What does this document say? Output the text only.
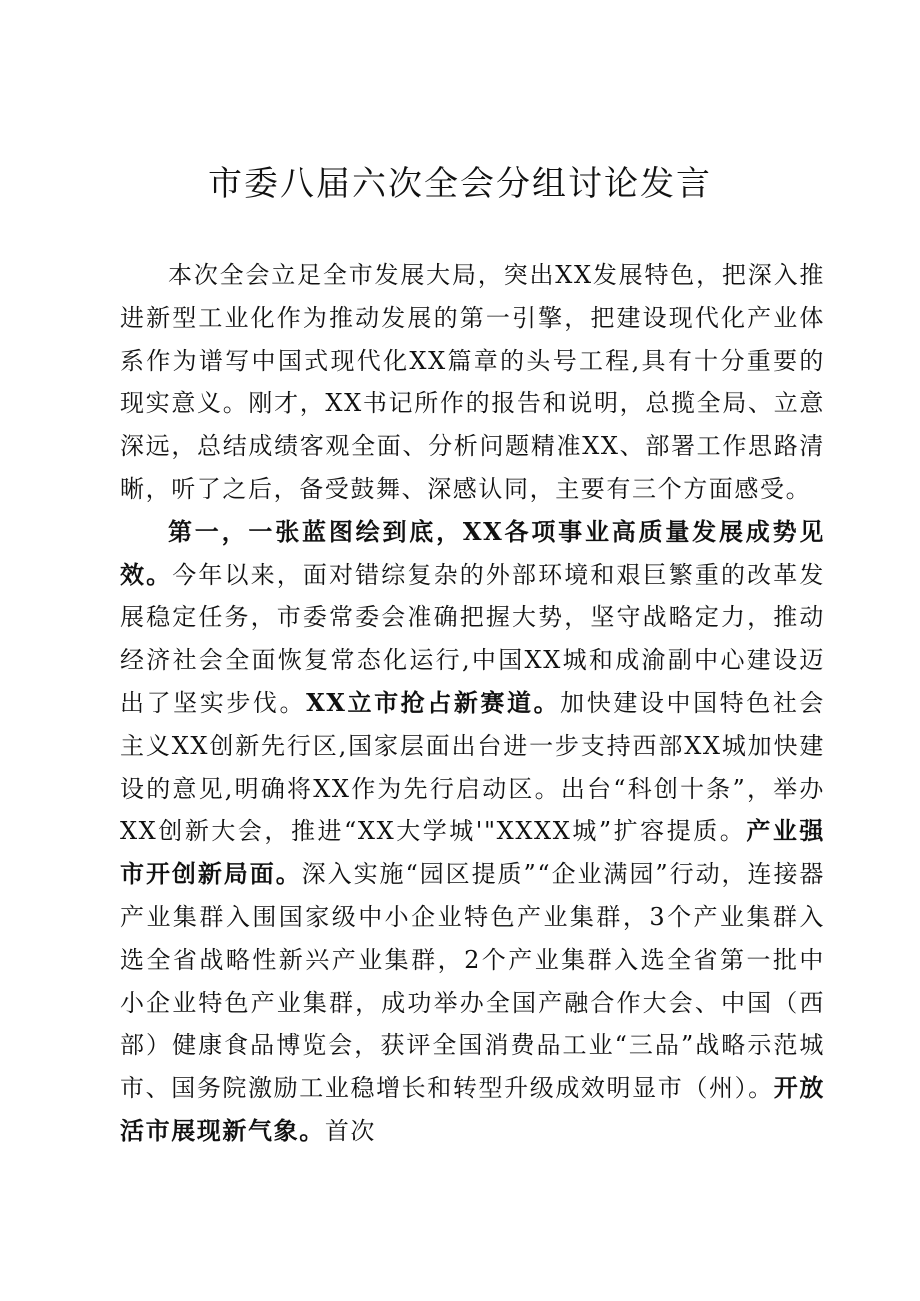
市委八届六次全会分组讨论发言

本次全会立足全市发展大局，突出XX发展特色，把深入推进新型工业化作为推动发展的第一引擎，把建设现代化产业体系作为谱写中国式现代化XX篇章的头号工程,具有十分重要的现实意义。刚才，XX书记所作的报告和说明，总揽全局、立意深远，总结成绩客观全面、分析问题精准XX、部署工作思路清晰，听了之后，备受鼓舞、深感认同，主要有三个方面感受。

第一，一张蓝图绘到底，XX各项事业高质量发展成势见效。今年以来，面对错综复杂的外部环境和艰巨繁重的改革发展稳定任务，市委常委会准确把握大势，坚守战略定力，推动经济社会全面恢复常态化运行,中国XX城和成渝副中心建设迈出了坚实步伐。XX立市抢占新赛道。加快建设中国特色社会主义XX创新先行区,国家层面出台进一步支持西部XX城加快建设的意见,明确将XX作为先行启动区。出台“科创十条”，举办XX创新大会，推进“XX大学城'"XXXX城”扩容提质。产业强市开创新局面。深入实施“园区提质”“企业满园”行动，连接器产业集群入围国家级中小企业特色产业集群，3个产业集群入选全省战略性新兴产业集群，2个产业集群入选全省第一批中小企业特色产业集群，成功举办全国产融合作大会、中国（西部）健康食品博览会，获评全国消费品工业“三品”战略示范城市、国务院激励工业稳增长和转型升级成效明显市（州）。开放活市展现新气象。首次
